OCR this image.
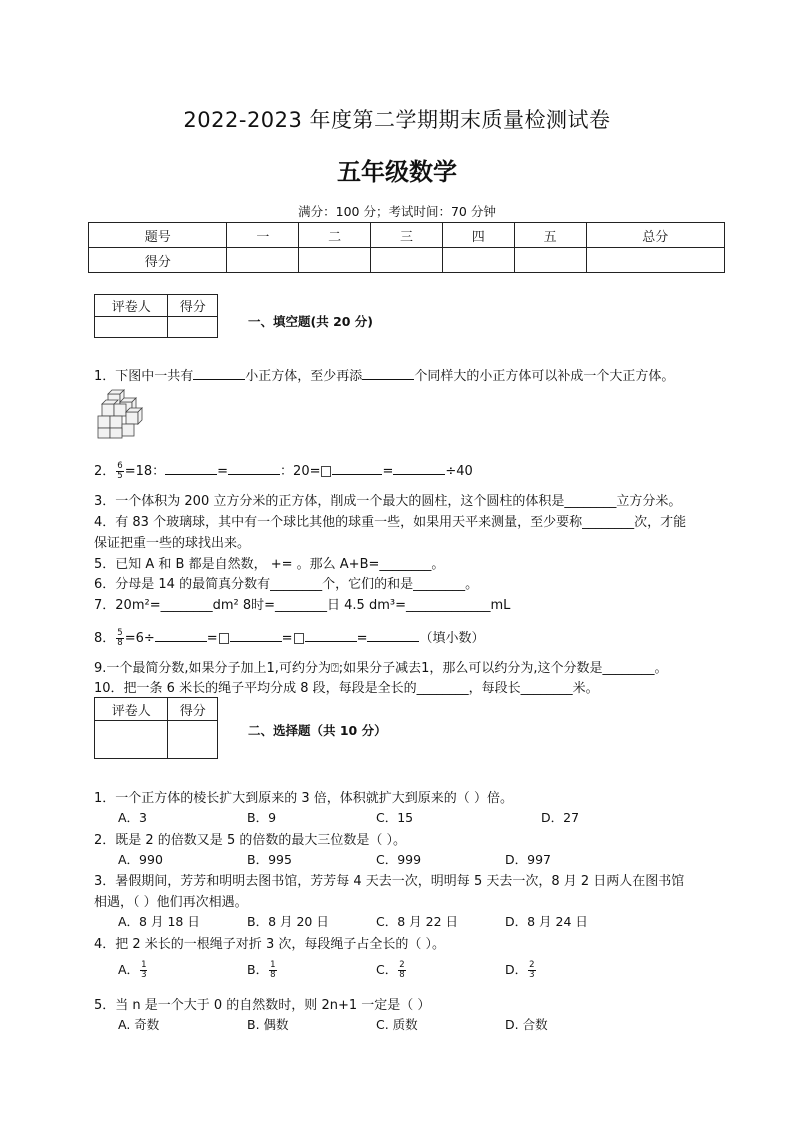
2022-2023 年度第二学期期末质量检测试卷
五年级数学
满分：100 分；考试时间：70 分钟
题号	一	二	三	四	五	总分
得分						
评卷人	得分

一、填空题(共 20 分)
1．下图中一共有	小正方体，至少再添	个同样大的小正方体可以补成一个大正方体。
2． $\frac{6}{5} =18$：	=	：20=	=	÷40
3．一个体积为 200 立方分米的正方体，削成一个最大的圆柱，这个圆柱的体积是________立方分米。
4．有 83 个玻璃球，其中有一个球比其他的球重一些，如果用天平来测量，至少要称________次，才能
保证把重一些的球找出来。
5．已知 A 和 B 都是自然数， += 。那么 A+B=________。
6．分母是 14 的最简真分数有________个，它们的和是________。
7．20m²=________dm² 8时=________日 4.5 dm³=_____________mL
8． $\frac{5}{8} =6\div$	=	=	=	（填小数）
9.一个最简分数,如果分子加上1,可约分为⍰;如果分子减去1，那么可以约分为,这个分数是________。
10．把一条 6 米长的绳子平均分成 8 段，每段是全长的________，每段长________米。
评卷人	得分

二、选择题（共 10 分）
1．一个正方体的棱长扩大到原来的 3 倍，体积就扩大到原来的（ ）倍。
A．3	B．9	C．15	D．27
2．既是 2 的倍数又是 5 的倍数的最大三位数是（ ）。
A．990	B．995	C．999	D．997
3．暑假期间，芳芳和明明去图书馆，芳芳每 4 天去一次，明明每 5 天去一次，8 月 2 日两人在图书馆
相遇，（ ）他们再次相遇。
A．8 月 18 日	B．8 月 20 日	C．8 月 22 日	D．8 月 24 日
4．把 2 米长的一根绳子对折 3 次，每段绳子占全长的（ ）。
A． $\frac{1}{3}$	B． $\frac{1}{8}$	C． $\frac{2}{8}$	D． $\frac{2}{3}$
5．当 n 是一个大于 0 的自然数时，则 2n+1 一定是（ ）
A. 奇数	B. 偶数	C. 质数	D. 合数
